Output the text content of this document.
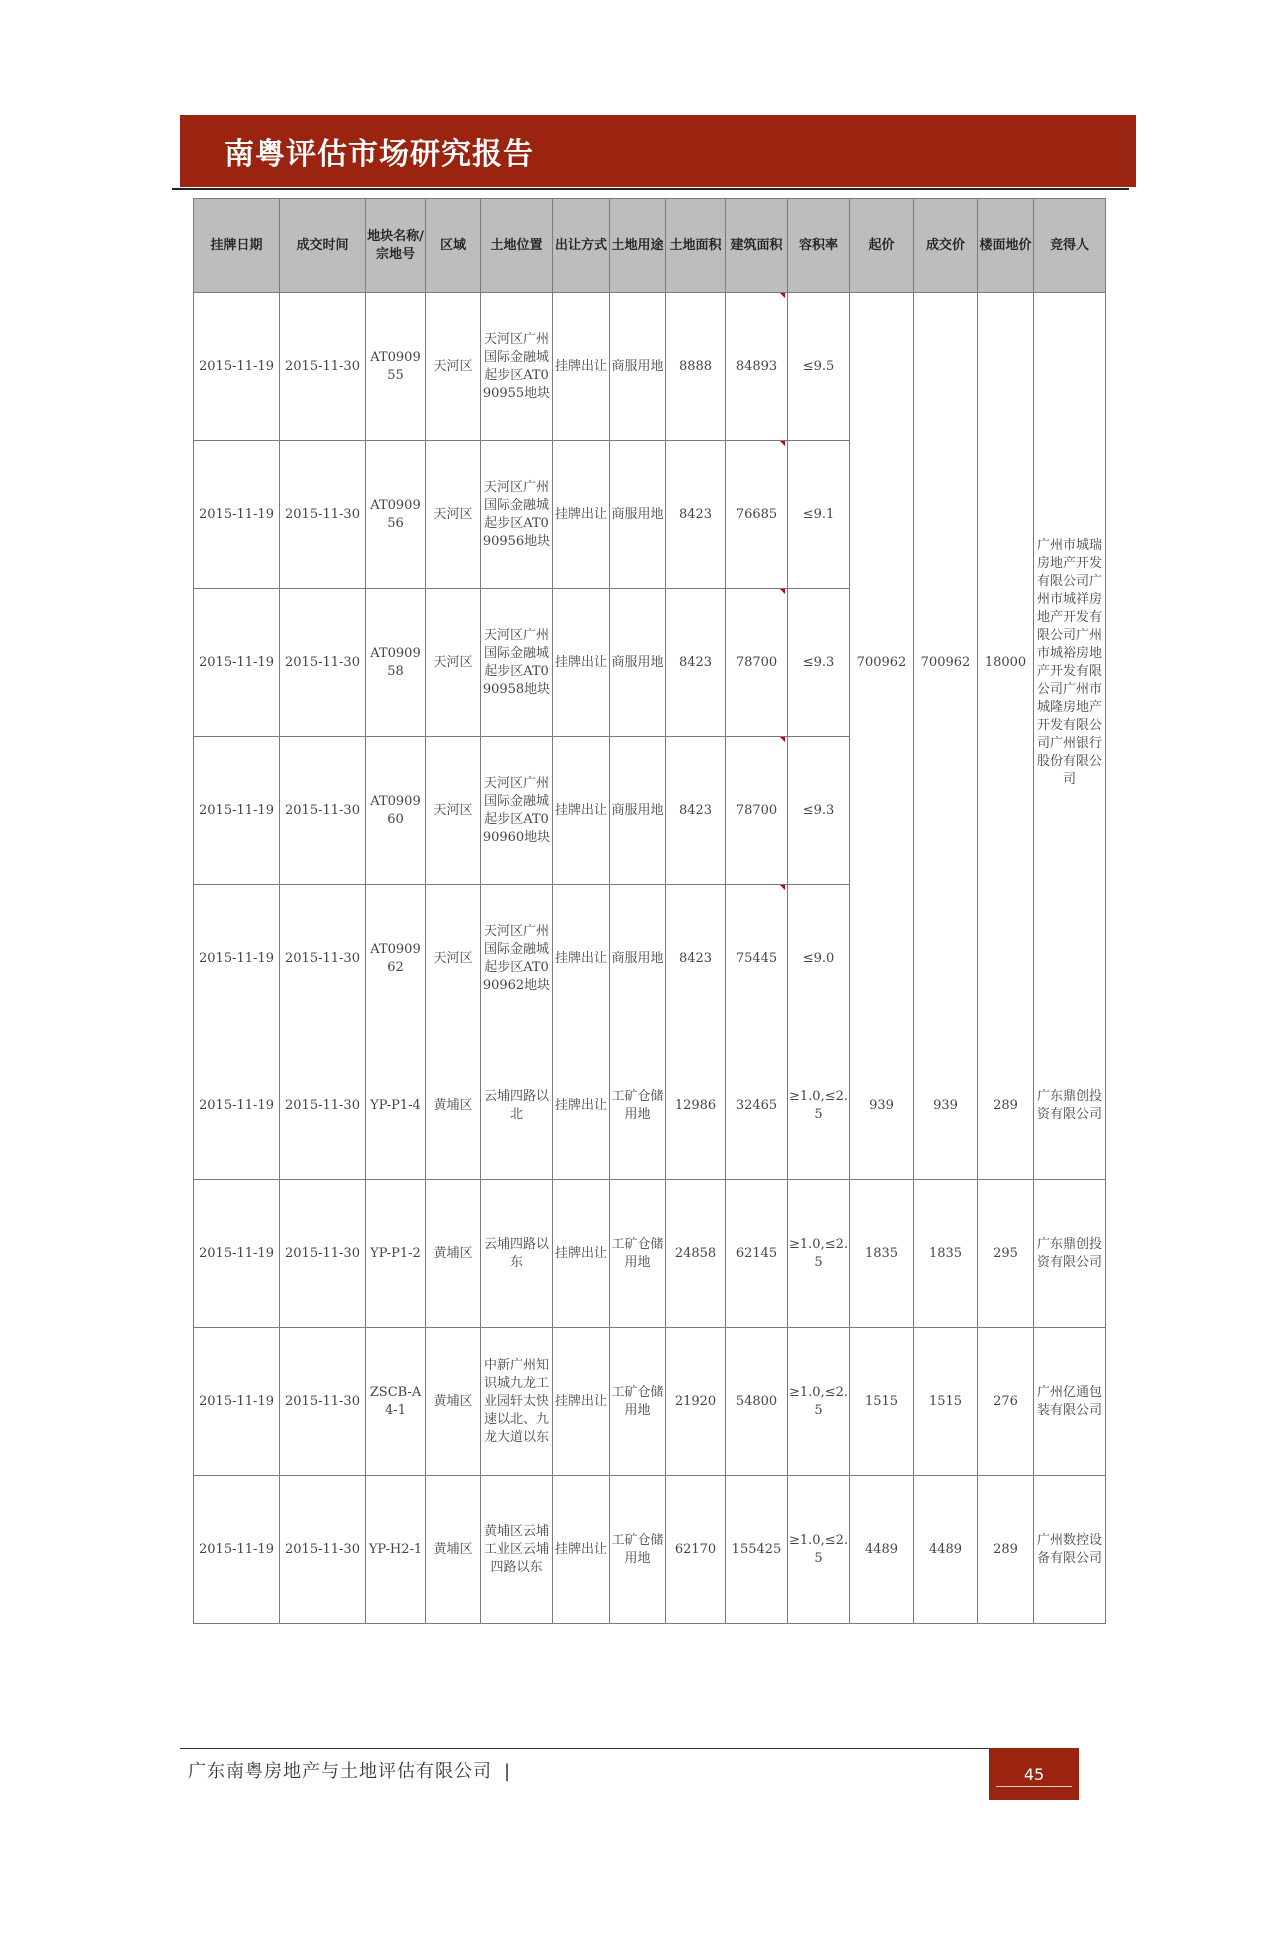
南粤评估市场研究报告
挂牌日期	成交时间	地块名称/宗地号	区域	土地位置	出让方式	土地用途	土地面积	建筑面积	容积率	起价	成交价	楼面地价	竞得人
2015-11-19	2015-11-30	AT090955	天河区	天河区广州国际金融城起步区AT090955地块	挂牌出让	商服用地	8888	84893	≤9.5	700962	700962	18000	广州市城瑞房地产开发有限公司广州市城祥房地产开发有限公司广州市城裕房地产开发有限公司广州市城隆房地产开发有限公司广州银行股份有限公司
2015-11-19	2015-11-30	AT090956	天河区	天河区广州国际金融城起步区AT090956地块	挂牌出让	商服用地	8423	76685	≤9.1				
2015-11-19	2015-11-30	AT090958	天河区	天河区广州国际金融城起步区AT090958地块	挂牌出让	商服用地	8423	78700	≤9.3				
2015-11-19	2015-11-30	AT090960	天河区	天河区广州国际金融城起步区AT090960地块	挂牌出让	商服用地	8423	78700	≤9.3				
2015-11-19	2015-11-30	AT090962	天河区	天河区广州国际金融城起步区AT090962地块	挂牌出让	商服用地	8423	75445	≤9.0				
2015-11-19	2015-11-30	YP-P1-4	黄埔区	云埔四路以北	挂牌出让	工矿仓储用地	12986	32465	≥1.0,≤2.5	939	939	289	广东鼎创投资有限公司
2015-11-19	2015-11-30	YP-P1-2	黄埔区	云埔四路以东	挂牌出让	工矿仓储用地	24858	62145	≥1.0,≤2.5	1835	1835	295	广东鼎创投资有限公司
2015-11-19	2015-11-30	ZSCB-A4-1	黄埔区	中新广州知识城九龙工业园轩太快速以北、九龙大道以东	挂牌出让	工矿仓储用地	21920	54800	≥1.0,≤2.5	1515	1515	276	广州亿通包装有限公司
2015-11-19	2015-11-30	YP-H2-1	黄埔区	黄埔区云埔工业区云埔四路以东	挂牌出让	工矿仓储用地	62170	155425	≥1.0,≤2.5	4489	4489	289	广州数控设备有限公司
广东南粤房地产与土地评估有限公司 |	45
